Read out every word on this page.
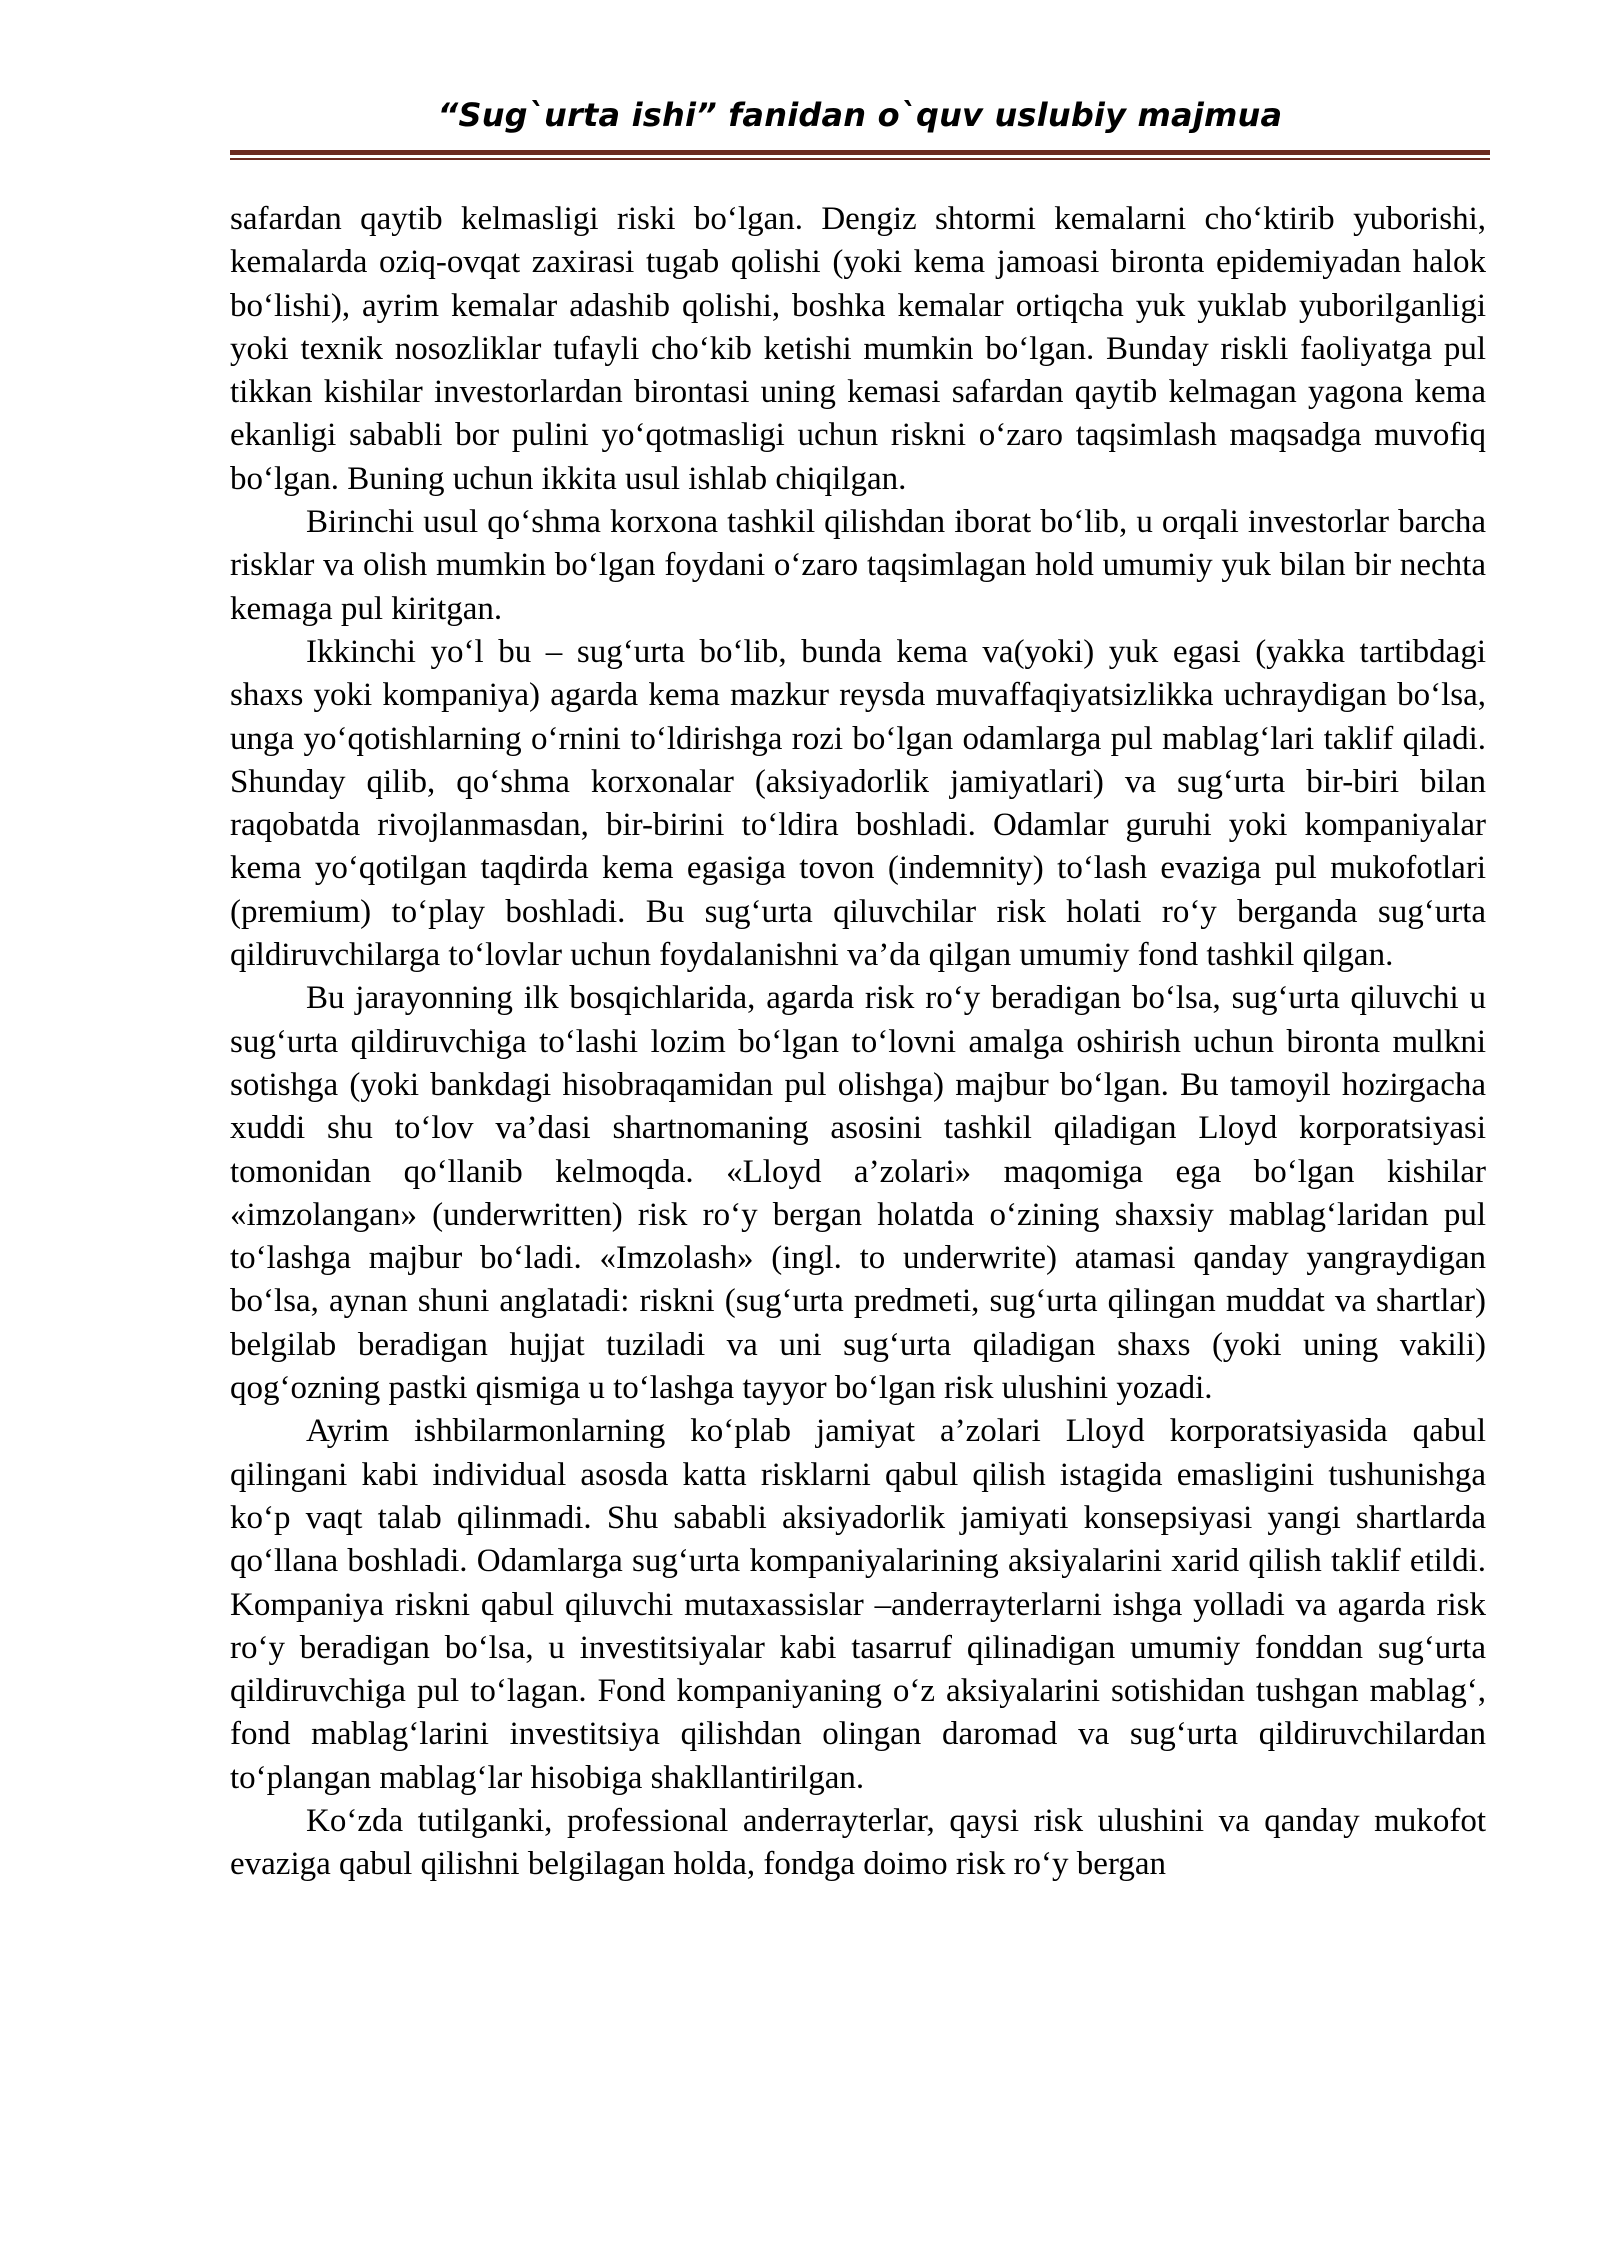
“Sug`urta ishi” fanidan o`quv uslubiy majmua

safardan qaytib kelmasligi riski bo‘lgan. Dengiz shtormi kemalarni cho‘ktirib yuborishi, kemalarda oziq-ovqat zaxirasi tugab qolishi (yoki kema jamoasi bironta epidemiyadan halok bo‘lishi), ayrim kemalar adashib qolishi, boshka kemalar ortiqcha yuk yuklab yuborilganligi yoki texnik nosozliklar tufayli cho‘kib ketishi mumkin bo‘lgan. Bunday riskli faoliyatga pul tikkan kishilar investorlardan birontasi uning kemasi safardan qaytib kelmagan yagona kema ekanligi sababli bor pulini yo‘qotmasligi uchun riskni o‘zaro taqsimlash maqsadga muvofiq bo‘lgan. Buning uchun ikkita usul ishlab chiqilgan.

Birinchi usul qo‘shma korxona tashkil qilishdan iborat bo‘lib, u orqali investorlar barcha risklar va olish mumkin bo‘lgan foydani o‘zaro taqsimlagan hold umumiy yuk bilan bir nechta kemaga pul kiritgan.

Ikkinchi yo‘l bu – sug‘urta bo‘lib, bunda kema va(yoki) yuk egasi (yakka tartibdagi shaxs yoki kompaniya) agarda kema mazkur reysda muvaffaqiyatsizlikka uchraydigan bo‘lsa, unga yo‘qotishlarning o‘rnini to‘ldirishga rozi bo‘lgan odamlarga pul mablag‘lari taklif qiladi. Shunday qilib, qo‘shma korxonalar (aksiyadorlik jamiyatlari) va sug‘urta bir-biri bilan raqobatda rivojlanmasdan, bir-birini to‘ldira boshladi. Odamlar guruhi yoki kompaniyalar kema yo‘qotilgan taqdirda kema egasiga tovon (indemnity) to‘lash evaziga pul mukofotlari (premium) to‘play boshladi. Bu sug‘urta qiluvchilar risk holati ro‘y berganda sug‘urta qildiruvchilarga to‘lovlar uchun foydalanishni va’da qilgan umumiy fond tashkil qilgan.

Bu jarayonning ilk bosqichlarida, agarda risk ro‘y beradigan bo‘lsa, sug‘urta qiluvchi u sug‘urta qildiruvchiga to‘lashi lozim bo‘lgan to‘lovni amalga oshirish uchun bironta mulkni sotishga (yoki bankdagi hisobraqamidan pul olishga) majbur bo‘lgan. Bu tamoyil hozirgacha xuddi shu to‘lov va’dasi shartnomaning asosini tashkil qiladigan Lloyd korporatsiyasi tomonidan qo‘llanib kelmoqda. «Lloyd a’zolari» maqomiga ega bo‘lgan kishilar «imzolangan» (underwritten) risk ro‘y bergan holatda o‘zining shaxsiy mablag‘laridan pul to‘lashga majbur bo‘ladi. «Imzolash» (ingl. to underwrite) atamasi qanday yangraydigan bo‘lsa, aynan shuni anglatadi: riskni (sug‘urta predmeti, sug‘urta qilingan muddat va shartlar) belgilab beradigan hujjat tuziladi va uni sug‘urta qiladigan shaxs (yoki uning vakili) qog‘ozning pastki qismiga u to‘lashga tayyor bo‘lgan risk ulushini yozadi.

Ayrim ishbilarmonlarning ko‘plab jamiyat a’zolari Lloyd korporatsiyasida qabul qilingani kabi individual asosda katta risklarni qabul qilish istagida emasligini tushunishga ko‘p vaqt talab qilinmadi. Shu sababli aksiyadorlik jamiyati konsepsiyasi yangi shartlarda qo‘llana boshladi. Odamlarga sug‘urta kompaniyalarining aksiyalarini xarid qilish taklif etildi. Kompaniya riskni qabul qiluvchi mutaxassislar –anderrayterlarni ishga yolladi va agarda risk ro‘y beradigan bo‘lsa, u investitsiyalar kabi tasarruf qilinadigan umumiy fonddan sug‘urta qildiruvchiga pul to‘lagan. Fond kompaniyaning o‘z aksiyalarini sotishidan tushgan mablag‘, fond mablag‘larini investitsiya qilishdan olingan daromad va sug‘urta qildiruvchilardan to‘plangan mablag‘lar hisobiga shakllantirilgan.

Ko‘zda tutilganki, professional anderrayterlar, qaysi risk ulushini va qanday mukofot evaziga qabul qilishni belgilagan holda, fondga doimo risk ro‘y bergan
